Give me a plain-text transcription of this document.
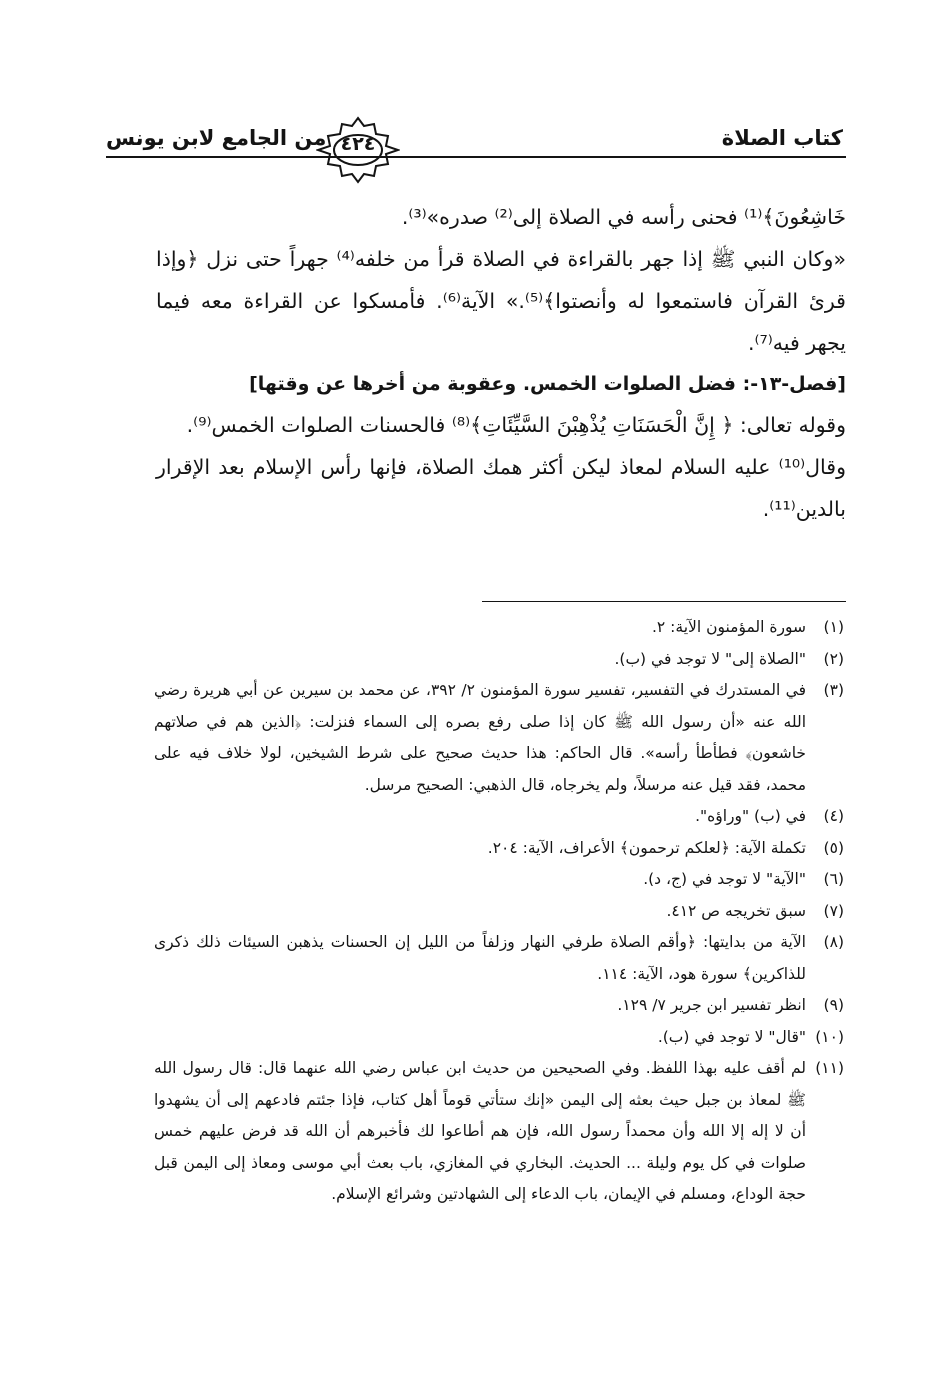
كتاب الصلاة
من الجامع لابن يونس ٤٢٤

خَاشِعُونَ﴾⁽¹⁾ فحنى رأسه في الصلاة إلى⁽²⁾ صدره»⁽³⁾.

«وكان النبي ﷺ إذا جهر بالقراءة في الصلاة قرأ من خلفه⁽⁴⁾ جهراً حتى نزل ﴿وإذا قرئ القرآن فاستمعوا له وأنصتوا﴾⁽⁵⁾.» الآية⁽⁶⁾. فأمسكوا عن القراءة معه فيما يجهر فيه⁽⁷⁾.

[فصل-١٣-: فضل الصلوات الخمس. وعقوبة من أخرها عن وقتها]

وقوله تعالى: ﴿ إِنَّ الْحَسَنَاتِ يُذْهِبْنَ السَّيِّئَاتِ﴾⁽⁸⁾ فالحسنات الصلوات الخمس⁽⁹⁾.

وقال⁽¹⁰⁾ عليه السلام لمعاذ ليكن أكثر همك الصلاة، فإنها رأس الإسلام بعد الإقرار بالدين⁽¹¹⁾.

(١)
سورة المؤمنون الآية: ٢.
(٢)
"الصلاة إلى" لا توجد في (ب).
(٣)
في المستدرك في التفسير، تفسير سورة المؤمنون ٢/ ٣٩٢، عن محمد بن سيرين عن أبي هريرة رضي الله عنه «أن رسول الله ﷺ كان إذا صلى رفع بصره إلى السماء فنزلت: ﴿الذين هم في صلاتهم خاشعون﴾ فطأطأ رأسه». قال الحاكم: هذا حديث صحيح على شرط الشيخين، لولا خلاف فيه على محمد، فقد قيل عنه مرسلاً، ولم يخرجاه، قال الذهبي: الصحيح مرسل.
(٤)
في (ب) "وراؤه".
(٥)
تكملة الآية: ﴿لعلكم ترحمون﴾ الأعراف، الآية: ٢٠٤.
(٦)
"الآية" لا توجد في (ج، د).
(٧)
سبق تخريجه ص ٤١٢.
(٨)
الآية من بدايتها: ﴿وأقم الصلاة طرفي النهار وزلفاً من الليل إن الحسنات يذهبن السيئات ذلك ذكرى للذاكرين﴾ سورة هود، الآية: ١١٤.
(٩)
انظر تفسير ابن جرير ٧/ ١٢٩.
(١٠)
"قال" لا توجد في (ب).
(١١)
لم أقف عليه بهذا اللفظ. وفي الصحيحين من حديث ابن عباس رضي الله عنهما قال: قال رسول الله ﷺ لمعاذ بن جبل حيث بعثه إلى اليمن «إنك ستأتي قوماً أهل كتاب، فإذا جئتم فادعهم إلى أن يشهدوا أن لا إله إلا الله وأن محمداً رسول الله، فإن هم أطاعوا لك فأخبرهم أن الله قد فرض عليهم خمس صلوات في كل يوم وليلة ... الحديث. البخاري في المغازي، باب بعث أبي موسى ومعاذ إلى اليمن قبل حجة الوداع، ومسلم في الإيمان، باب الدعاء إلى الشهادتين وشرائع الإسلام.
